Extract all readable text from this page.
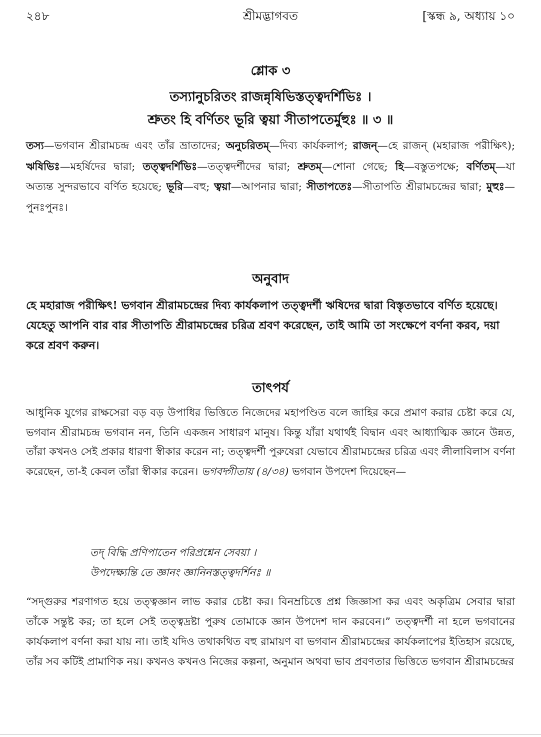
২৪৮	শ্রীমদ্ভাগবত	[স্কন্ধ ৯, অধ্যায় ১০
শ্লোক ৩
তস্যানুচরিতং রাজন্নৃষিভিস্তত্ত্বদর্শিভিঃ ।
শ্রুতং হি বর্ণিতং ভূরি ত্বয়া সীতাপতের্মুহুঃ ॥ ৩ ॥
তস্য—ভগবান শ্রীরামচন্দ্র এবং তাঁর ভ্রাতাদের; অনুচরিতম্—দিব্য কার্যকলাপ; রাজন্—হে রাজন্ (মহারাজ পরীক্ষিৎ); ঋষিভিঃ—মহর্ষিদের দ্বারা; তত্ত্বদর্শিভিঃ—তত্ত্বদর্শীদের দ্বারা; শ্রুতম্—শোনা গেছে; হি—বস্তুতপক্ষে; বর্ণিতম্—যা অত্যন্ত সুন্দরভাবে বর্ণিত হয়েছে; ভূরি—বহু; ত্বয়া—আপনার দ্বারা; সীতাপতেঃ—সীতাপতি শ্রীরামচন্দ্রের দ্বারা; মুহুঃ—পুনঃপুনঃ।
অনুবাদ
হে মহারাজ পরীক্ষিৎ! ভগবান শ্রীরামচন্দ্রের দিব্য কার্যকলাপ তত্ত্বদর্শী ঋষিদের দ্বারা বিস্তৃতভাবে বর্ণিত হয়েছে। যেহেতু আপনি বার বার সীতাপতি শ্রীরামচন্দ্রের চরিত্র শ্রবণ করেছেন, তাই আমি তা সংক্ষেপে বর্ণনা করব, দয়া করে শ্রবণ করুন।
তাৎপর্য
আধুনিক যুগের রাক্ষসেরা বড় বড় উপাধির ভিত্তিতে নিজেদের মহাপণ্ডিত বলে জাহির করে প্রমাণ করার চেষ্টা করে যে, ভগবান শ্রীরামচন্দ্র ভগবান নন, তিনি একজন সাধারণ মানুষ। কিন্তু যাঁরা যথার্থই বিদ্বান এবং আধ্যাত্মিক জ্ঞানে উন্নত, তাঁরা কখনও সেই প্রকার ধারণা স্বীকার করেন না; তত্ত্বদর্শী পুরুষেরা যেভাবে শ্রীরামচন্দ্রের চরিত্র এবং লীলাবিলাস বর্ণনা করেছেন, তা-ই কেবল তাঁরা স্বীকার করেন। ভগবদ্গীতায় (৪/৩৪) ভগবান উপদেশ দিয়েছেন—
তদ্ বিদ্ধি প্রণিপাতেন পরিপ্রশ্নেন সেবয়া ।
উপদেক্ষ্যন্তি তে জ্ঞানং জ্ঞানিনস্তত্ত্বদর্শিনঃ ॥
“সদ্গুরুর শরণাগত হয়ে তত্ত্বজ্ঞান লাভ করার চেষ্টা কর। বিনম্রচিত্তে প্রশ্ন জিজ্ঞাসা কর এবং অকৃত্রিম সেবার দ্বারা তাঁকে সন্তুষ্ট কর; তা হলে সেই তত্ত্বদ্রষ্টা পুরুষ তোমাকে জ্ঞান উপদেশ দান করবেন।” তত্ত্বদর্শী না হলে ভগবানের কার্যকলাপ বর্ণনা করা যায় না। তাই যদিও তথাকথিত বহু রামায়ণ বা ভগবান শ্রীরামচন্দ্রের কার্যকলাপের ইতিহাস রয়েছে, তাঁর সব কটিই প্রামাণিক নয়। কখনও কখনও নিজের কল্পনা, অনুমান অথবা ভাব প্রবণতার ভিত্তিতে ভগবান শ্রীরামচন্দ্রের
